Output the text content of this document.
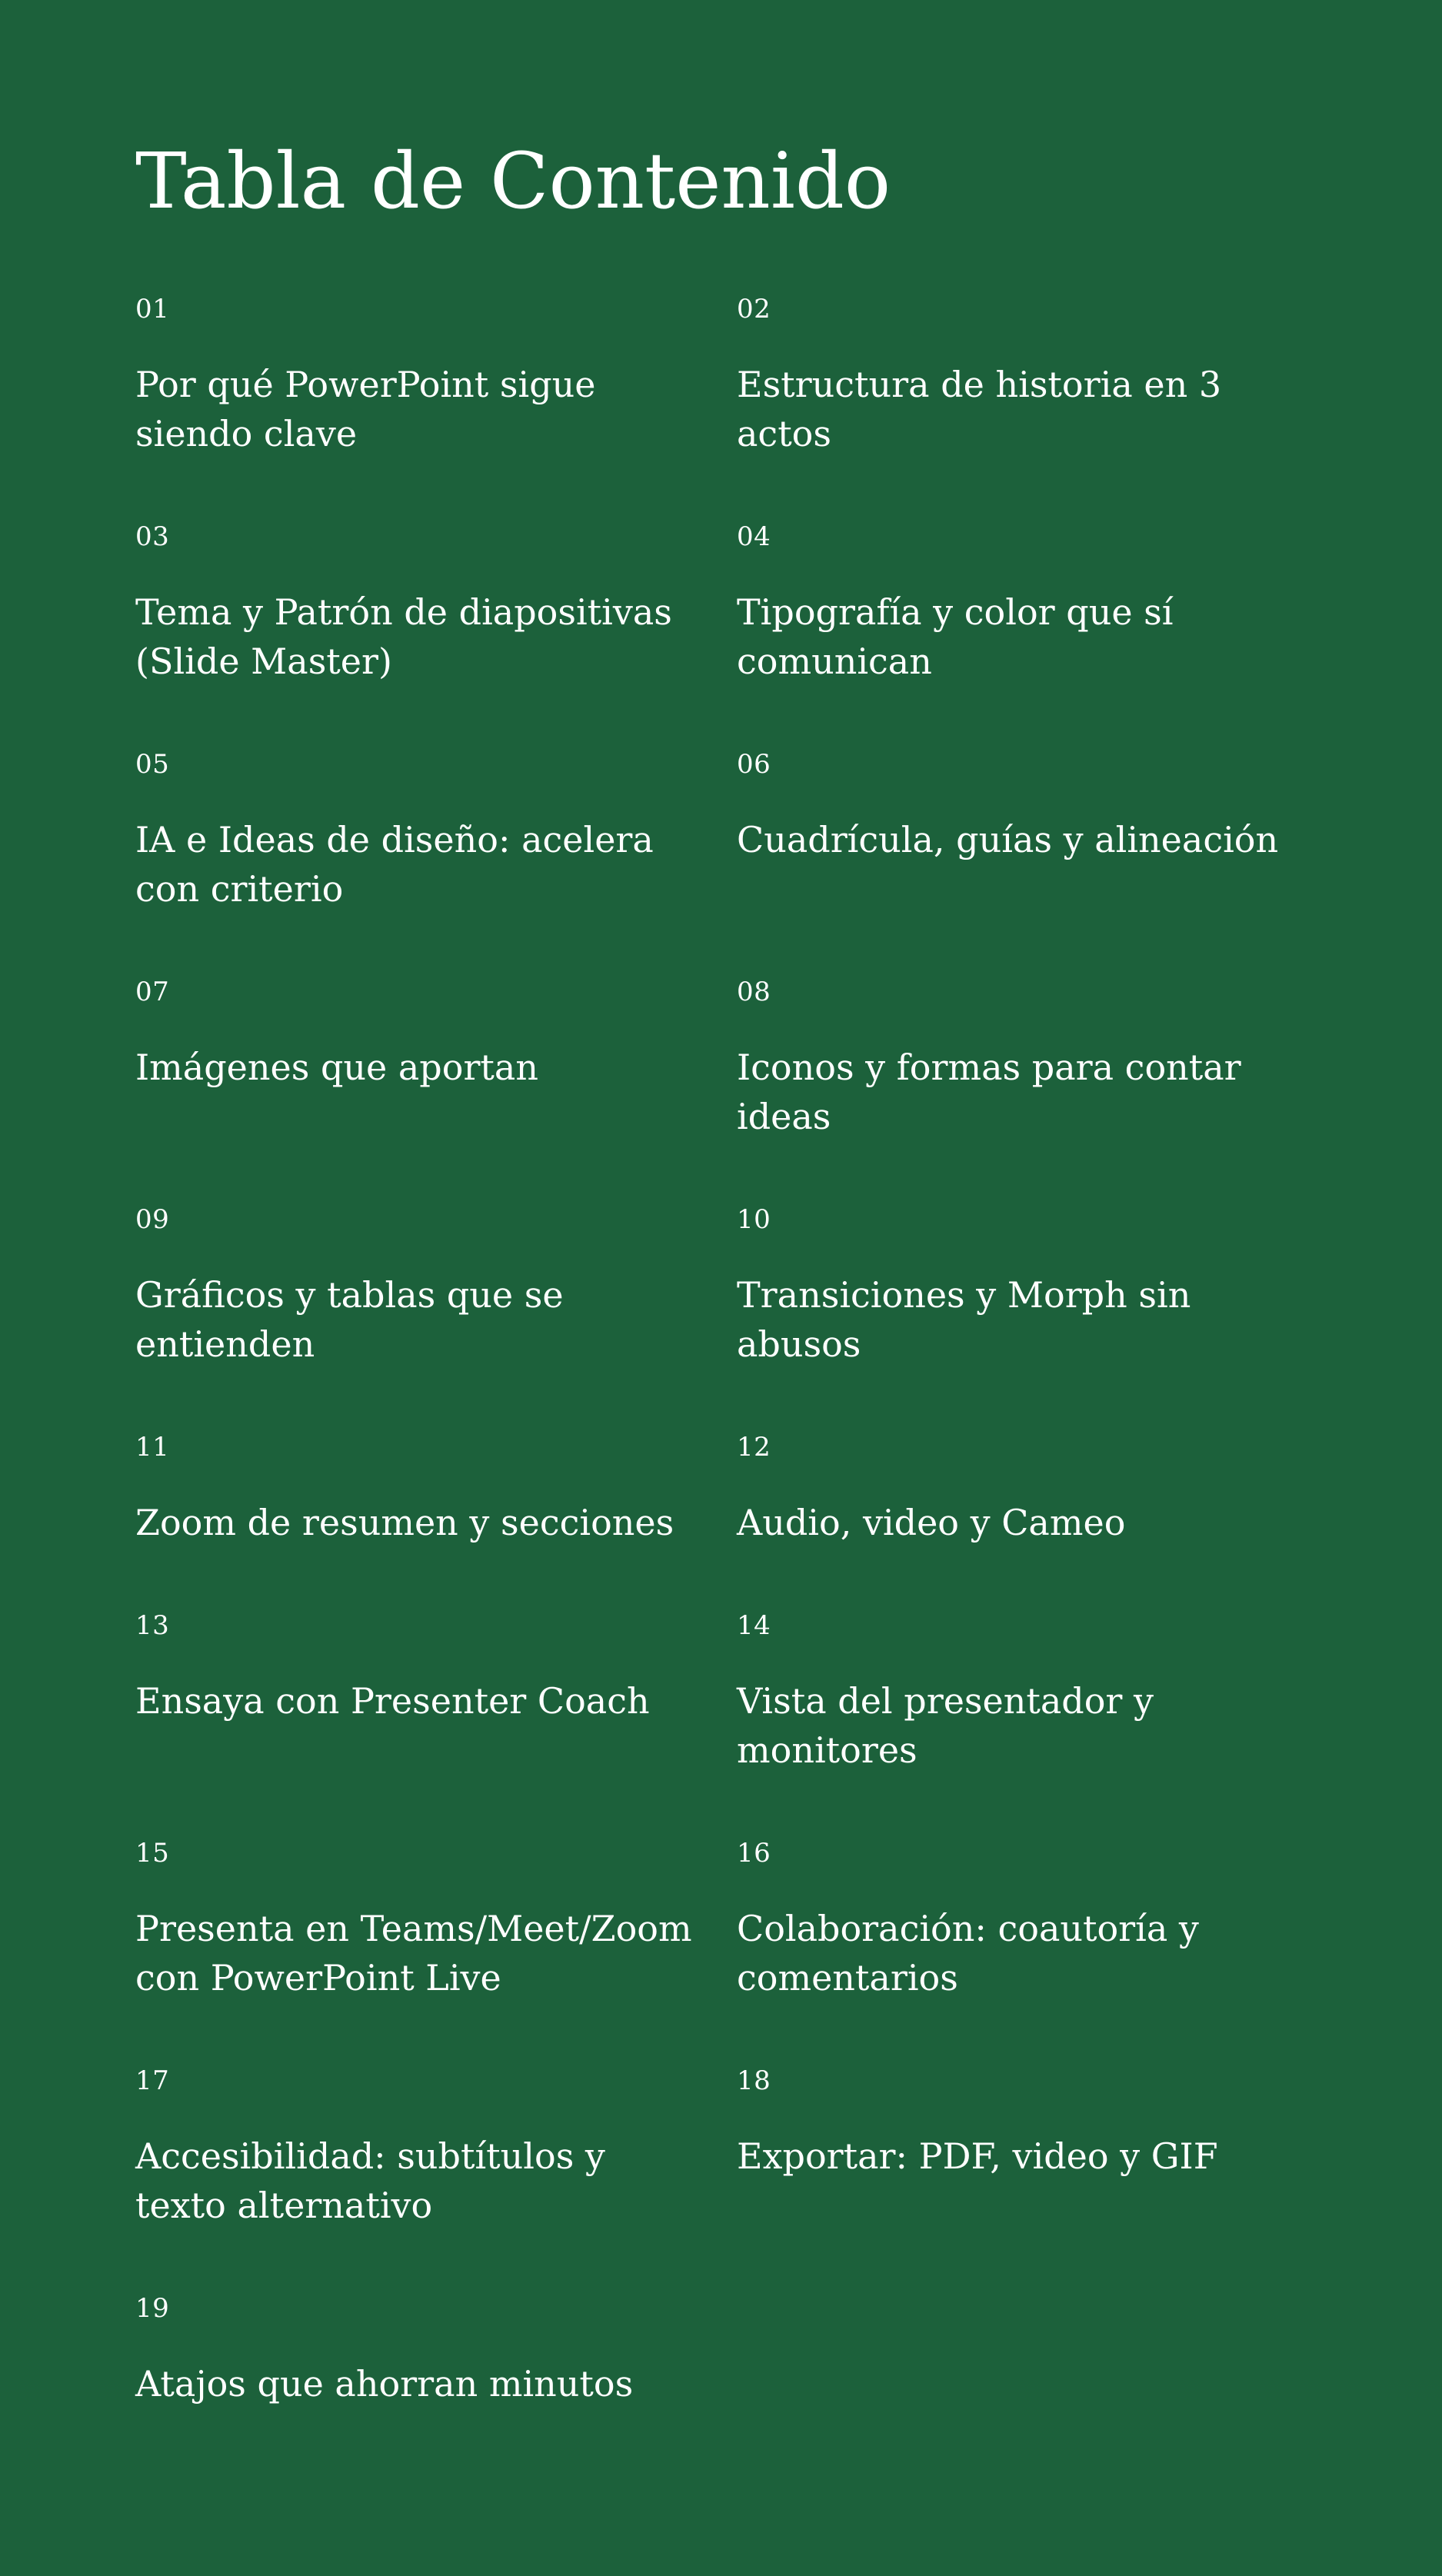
Tabla de Contenido
01
Por qué PowerPoint sigue siendo clave
02
Estructura de historia en 3 actos
03
Tema y Patrón de diapositivas (Slide Master)
04
Tipografía y color que sí comunican
05
IA e Ideas de diseño: acelera con criterio
06
Cuadrícula, guías y alineación
07
Imágenes que aportan
08
Iconos y formas para contar ideas
09
Gráficos y tablas que se entienden
10
Transiciones y Morph sin abusos
11
Zoom de resumen y secciones
12
Audio, video y Cameo
13
Ensaya con Presenter Coach
14
Vista del presentador y monitores
15
Presenta en Teams/Meet/Zoom con PowerPoint Live
16
Colaboración: coautoría y comentarios
17
Accesibilidad: subtítulos y texto alternativo
18
Exportar: PDF, video y GIF
19
Atajos que ahorran minutos
